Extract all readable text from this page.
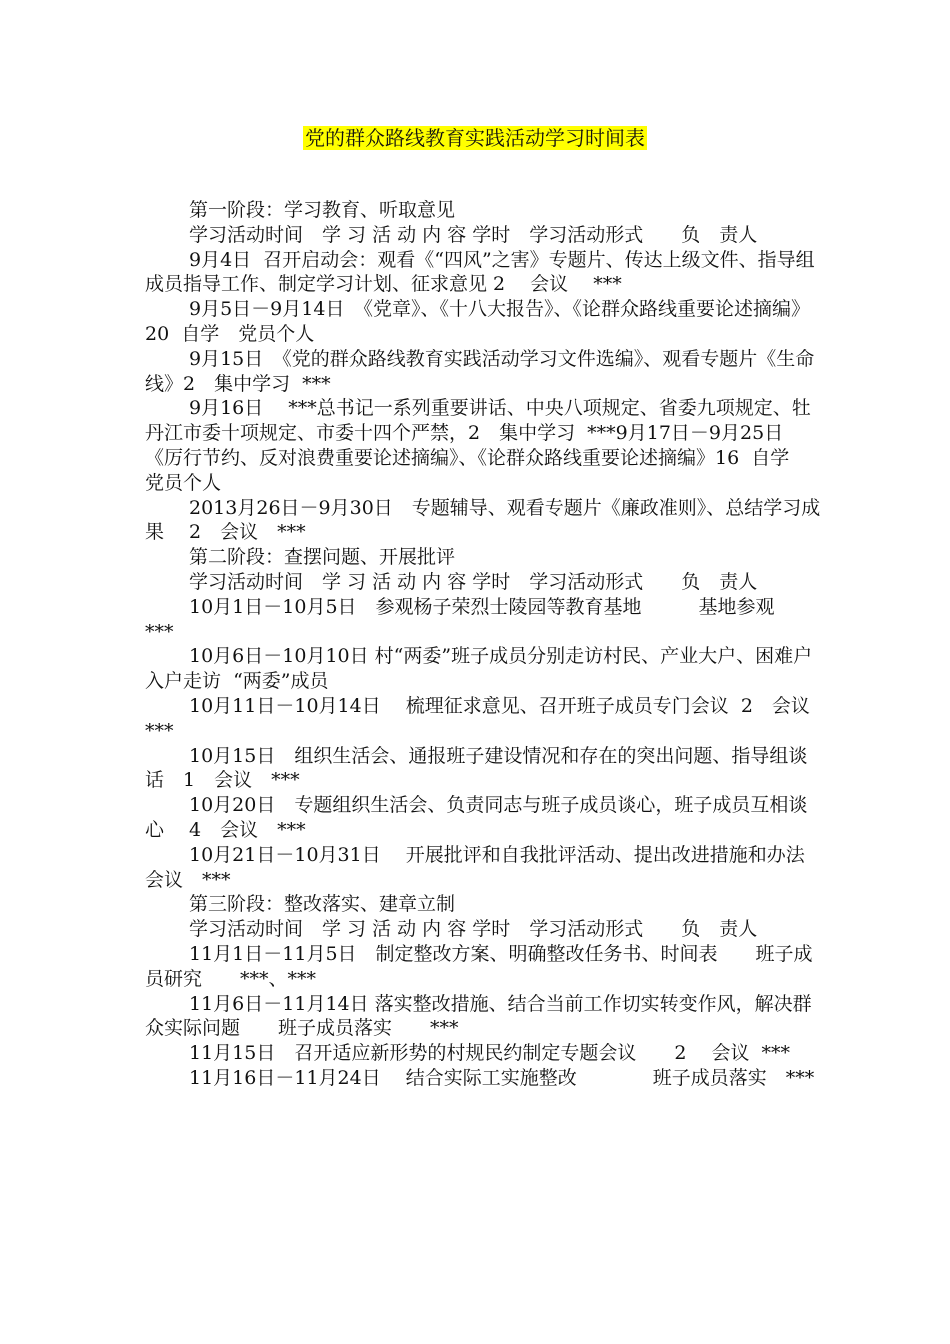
党的群众路线教育实践活动学习时间表

第一阶段：学习教育、听取意见

学习活动时间　学 习 活 动 内 容 学时　学习活动形式　　负　责人

9月4日  召开启动会：观看《“四风”之害》专题片、传达上级文件、指导组成员指导工作、制定学习计划、征求意见 2　 会议　 ***

9月5日－9月14日　《党章》、《十八大报告》、《论群众路线重要论述摘编》20  自学　党员个人

9月15日　《党的群众路线教育实践活动学习文件选编》、观看专题片《生命线》2　集中学习  ***

9月16日　 ***总书记一系列重要讲话、中央八项规定、省委九项规定、牡丹江市委十项规定、市委十四个严禁，2　集中学习  ***9月17日－9月25日 《厉行节约、反对浪费重要论述摘编》、《论群众路线重要论述摘编》16  自学　党员个人

2013月26日－9月30日　专题辅导、观看专题片《廉政准则》、总结学习成果　 2　会议　***

第二阶段：查摆问题、开展批评

学习活动时间　学 习 活 动 内 容 学时　学习活动形式　　负　责人

10月1日－10月5日　参观杨子荣烈士陵园等教育基地　　　基地参观　 ***

10月6日－10月10日 村“两委”班子成员分别走访村民、产业大户、困难户　　入户走访  “两委”成员

10月11日－10月14日　 梳理征求意见、召开班子成员专门会议  2　会议　***

10月15日　组织生活会、通报班子建设情况和存在的突出问题、指导组谈话　1　会议　***

10月20日　专题组织生活会、负责同志与班子成员谈心，班子成员互相谈心　 4　会议　***

10月21日－10月31日　 开展批评和自我批评活动、提出改进措施和办法　　　会议　***

第三阶段：整改落实、建章立制

学习活动时间　学 习 活 动 内 容 学时　学习活动形式　　负　责人

11月1日－11月5日　制定整改方案、明确整改任务书、时间表　　班子成员研究　　***、***

11月6日－11月14日 落实整改措施、结合当前工作切实转变作风，解决群众实际问题　　班子成员落实　　***

11月15日　召开适应新形势的村规民约制定专题会议　　2　 会议  ***

11月16日－11月24日　 结合实际工实施整改　　　　班子成员落实　***
